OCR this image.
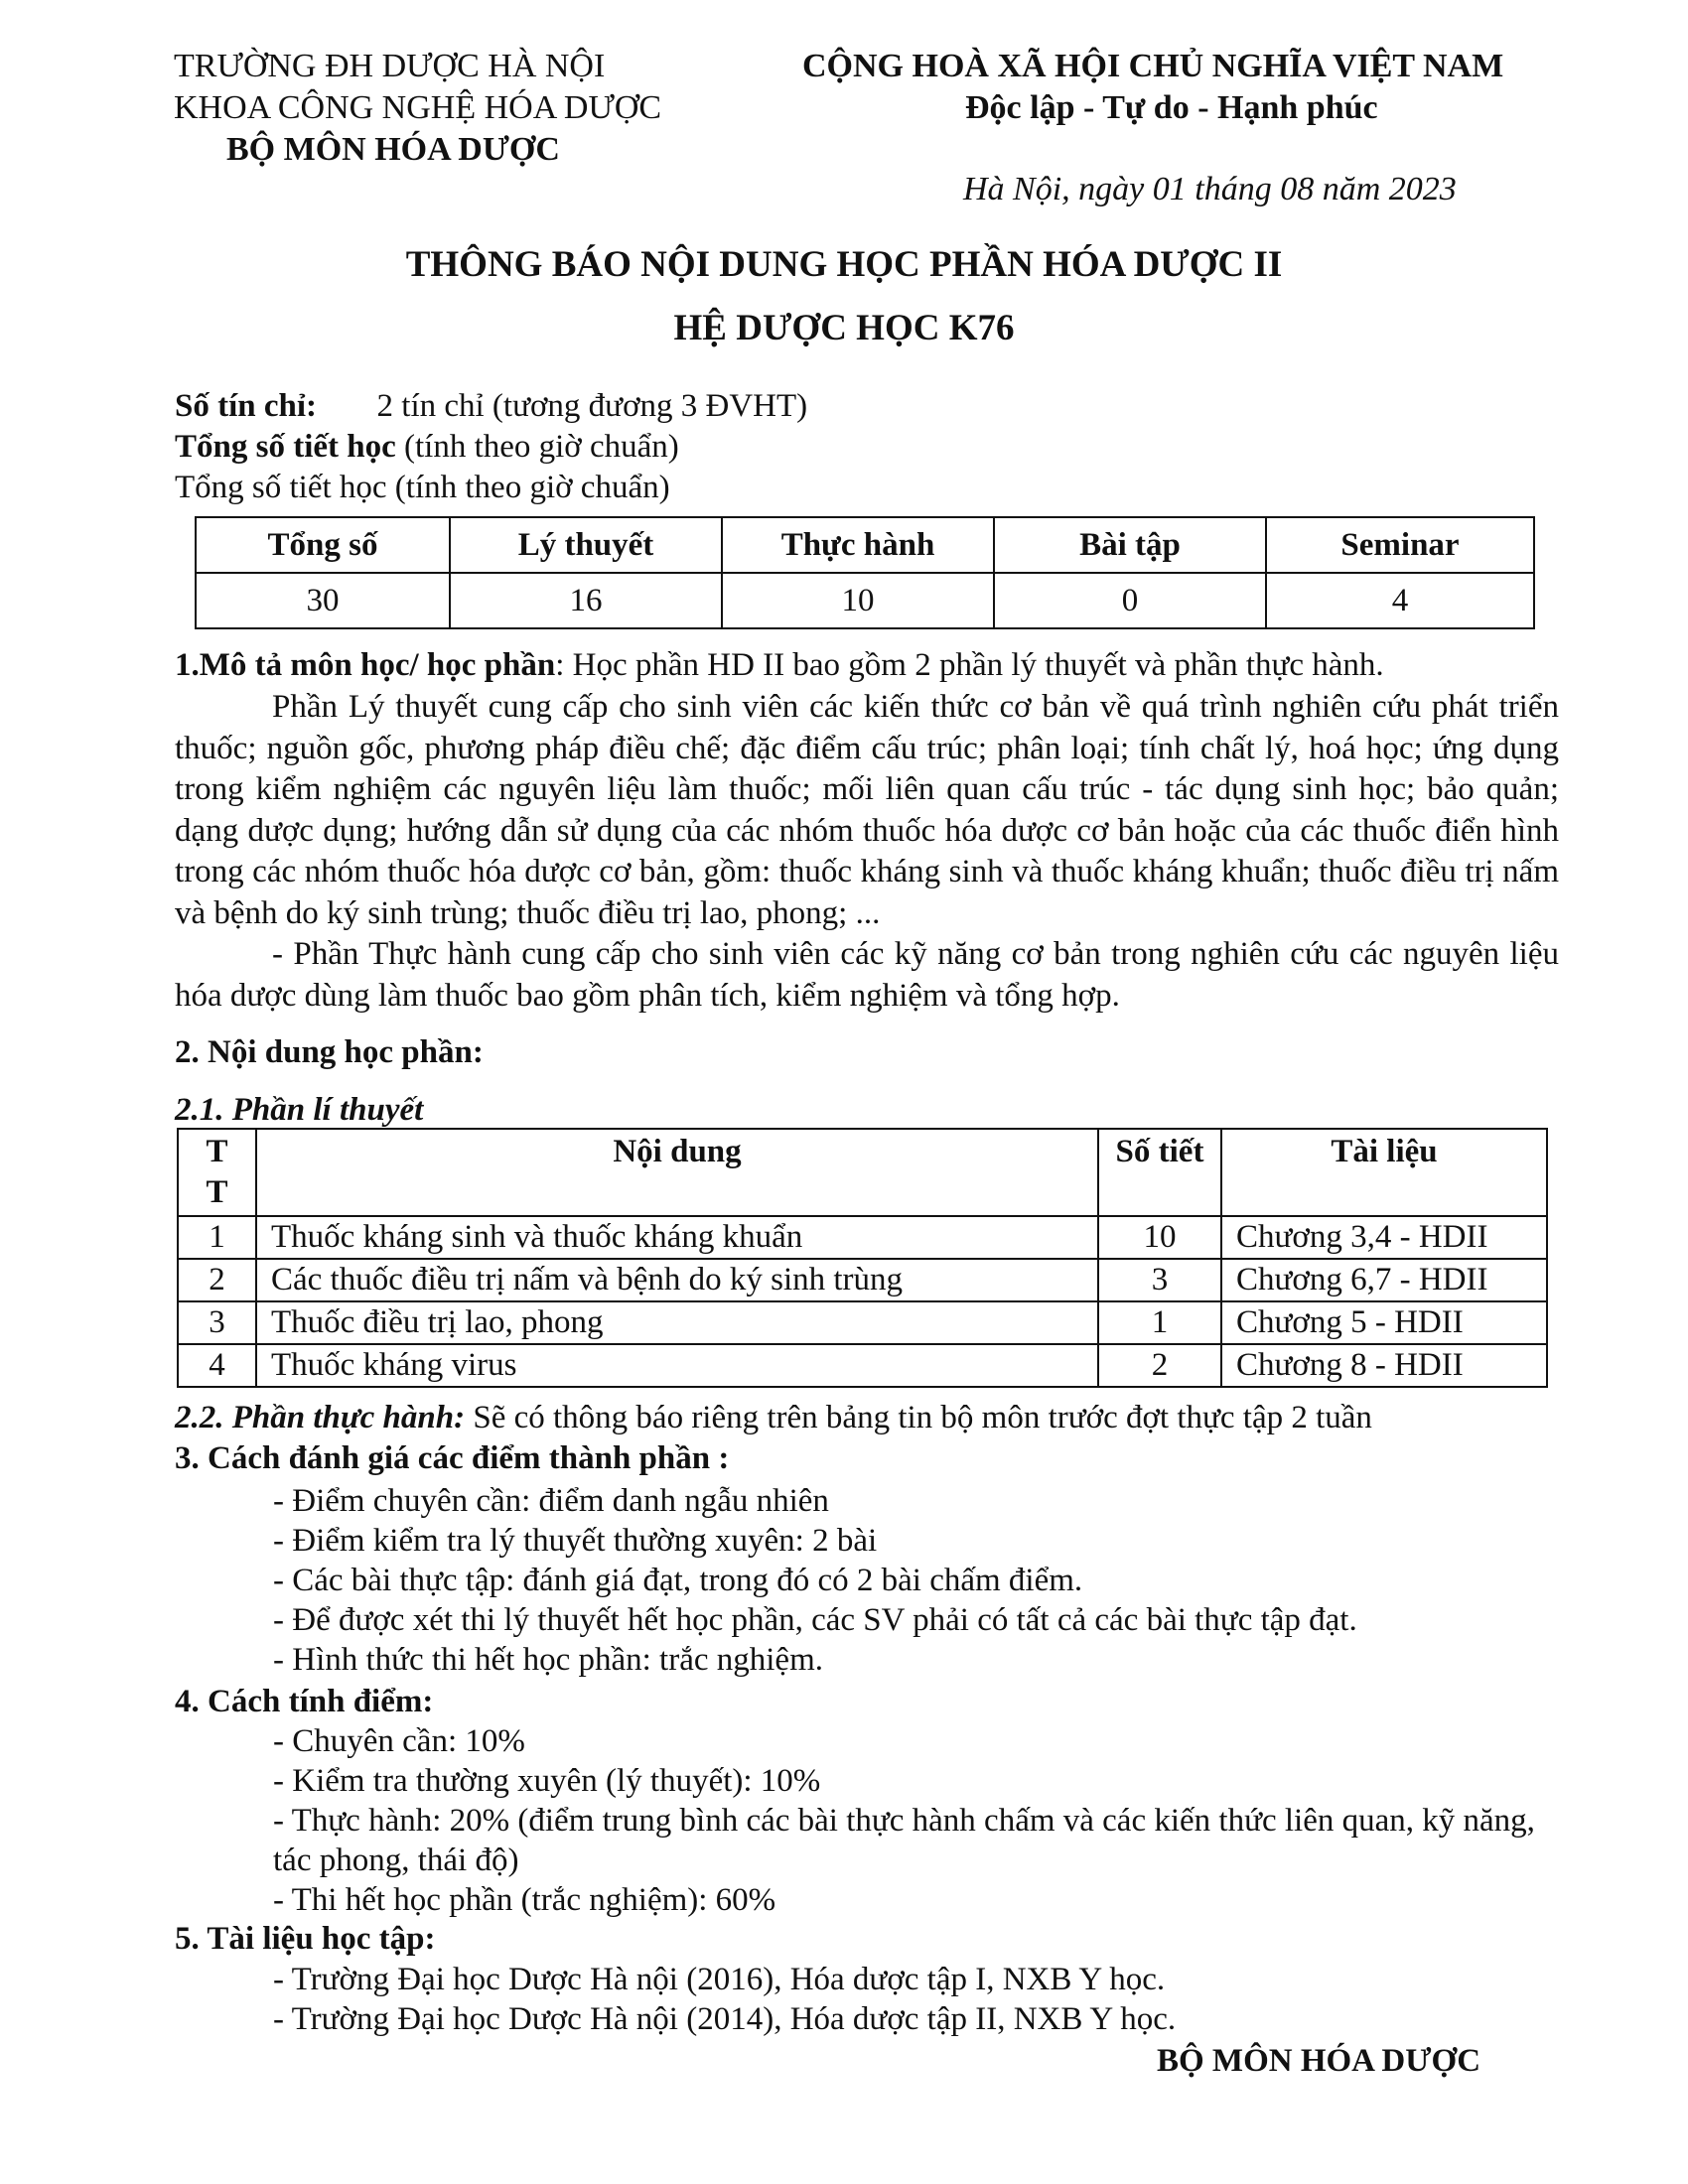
TRƯỜNG ĐH DƯỢC HÀ NỘI
KHOA CÔNG NGHỆ HÓA DƯỢC
BỘ MÔN HÓA DƯỢC
CỘNG HOÀ XÃ HỘI CHỦ NGHĨA VIỆT NAM
Độc lập - Tự do - Hạnh phúc
Hà Nội, ngày 01 tháng 08 năm 2023
THÔNG BÁO NỘI DUNG HỌC PHẦN HÓA DƯỢC II
HỆ DƯỢC HỌC K76
Số tín chỉ: 2 tín chỉ (tương đương 3 ĐVHT)
Tổng số tiết học (tính theo giờ chuẩn)
Tổng số tiết học (tính theo giờ chuẩn)
Tổng số	Lý thuyết	Thực hành	Bài tập	Seminar
30	16	10	0	4
1.Mô tả môn học/ học phần: Học phần HD II bao gồm 2 phần lý thuyết và phần thực hành.
Phần Lý thuyết cung cấp cho sinh viên các kiến thức cơ bản về quá trình nghiên cứu phát triển thuốc; nguồn gốc, phương pháp điều chế; đặc điểm cấu trúc; phân loại; tính chất lý, hoá học; ứng dụng trong kiểm nghiệm các nguyên liệu làm thuốc; mối liên quan cấu trúc - tác dụng sinh học; bảo quản; dạng dược dụng; hướng dẫn sử dụng của các nhóm thuốc hóa dược cơ bản hoặc của các thuốc điển hình trong các nhóm thuốc hóa dược cơ bản, gồm: thuốc kháng sinh và thuốc kháng khuẩn; thuốc điều trị nấm và bệnh do ký sinh trùng; thuốc điều trị lao, phong; ...
- Phần Thực hành cung cấp cho sinh viên các kỹ năng cơ bản trong nghiên cứu các nguyên liệu hóa dược dùng làm thuốc bao gồm phân tích, kiểm nghiệm và tổng hợp.
2. Nội dung học phần:
2.1. Phần lí thuyết
T T	Nội dung	Số tiết	Tài liệu
1	Thuốc kháng sinh và thuốc kháng khuẩn	10	Chương 3,4 - HDII
2	Các thuốc điều trị nấm và bệnh do ký sinh trùng	3	Chương 6,7 - HDII
3	Thuốc điều trị lao, phong	1	Chương 5 - HDII
4	Thuốc kháng virus	2	Chương 8 - HDII
2.2. Phần thực hành: Sẽ có thông báo riêng trên bảng tin bộ môn trước đợt thực tập 2 tuần
3. Cách đánh giá các điểm thành phần :
- Điểm chuyên cần: điểm danh ngẫu nhiên
- Điểm kiểm tra lý thuyết thường xuyên: 2 bài
- Các bài thực tập: đánh giá đạt, trong đó có 2 bài chấm điểm.
- Để được xét thi lý thuyết hết học phần, các SV phải có tất cả các bài thực tập đạt.
- Hình thức thi hết học phần: trắc nghiệm.
4. Cách tính điểm:
- Chuyên cần: 10%
- Kiểm tra thường xuyên (lý thuyết): 10%
- Thực hành: 20% (điểm trung bình các bài thực hành chấm và các kiến thức liên quan, kỹ năng, tác phong, thái độ)
- Thi hết học phần (trắc nghiệm): 60%
5. Tài liệu học tập:
- Trường Đại học Dược Hà nội (2016), Hóa dược tập I, NXB Y học.
- Trường Đại học Dược Hà nội (2014), Hóa dược tập II, NXB Y học.
BỘ MÔN HÓA DƯỢC
